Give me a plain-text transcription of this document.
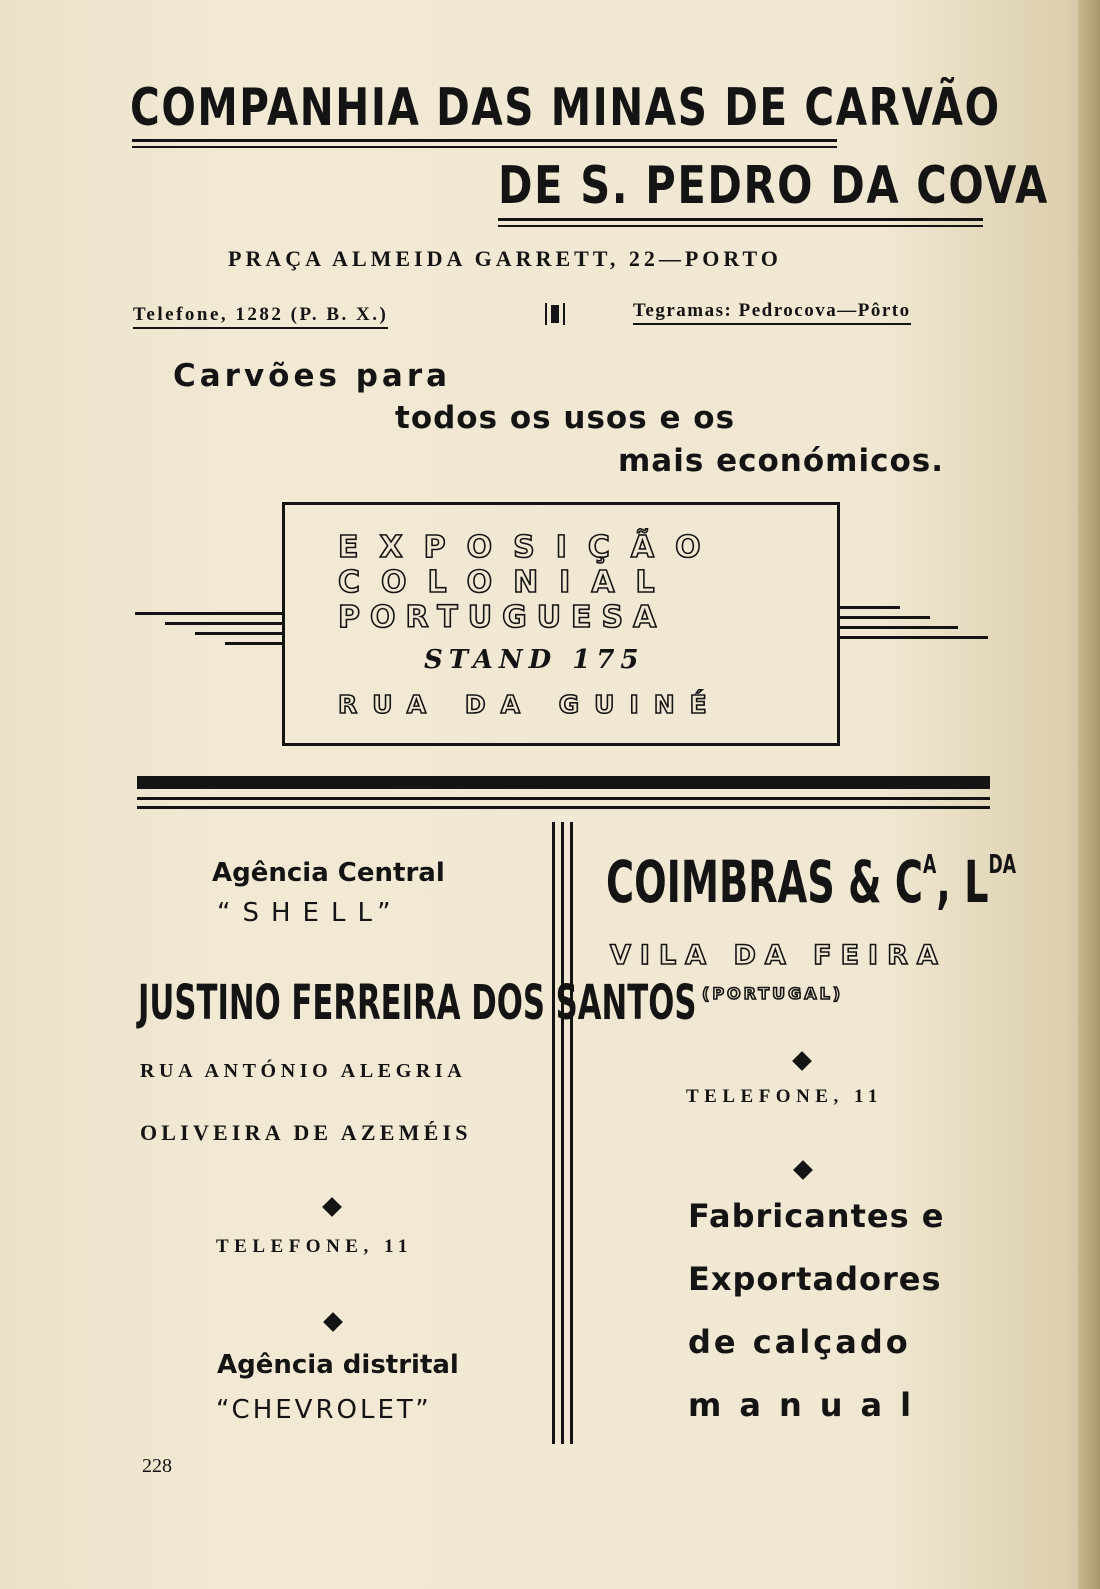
COMPANHIA DAS MINAS DE CARVÃO
DE S. PEDRO DA COVA
PRAÇA ALMEIDA GARRETT, 22—PORTO
Telefone, 1282 (P. B. X.)	Tegramas: Pedrocova—Pôrto
Carvões para
todos os usos e os
mais económicos.
EXPOSIÇÃO
COLONIAL
PORTUGUESA
STAND 175
RUA DA GUINÉ
Agência Central
“SHELL”
JUSTINO FERREIRA DOS SANTOS
RUA ANTÓNIO ALEGRIA
OLIVEIRA DE AZEMÉIS
TELEFONE, 11
Agência distrital
“CHEVROLET”
COIMBRAS & $C^A$, $L^{DA}$
VILA DA FEIRA
(PORTUGAL)
TELEFONE, 11
Fabricantes e
Exportadores
de calçado
manual
228
